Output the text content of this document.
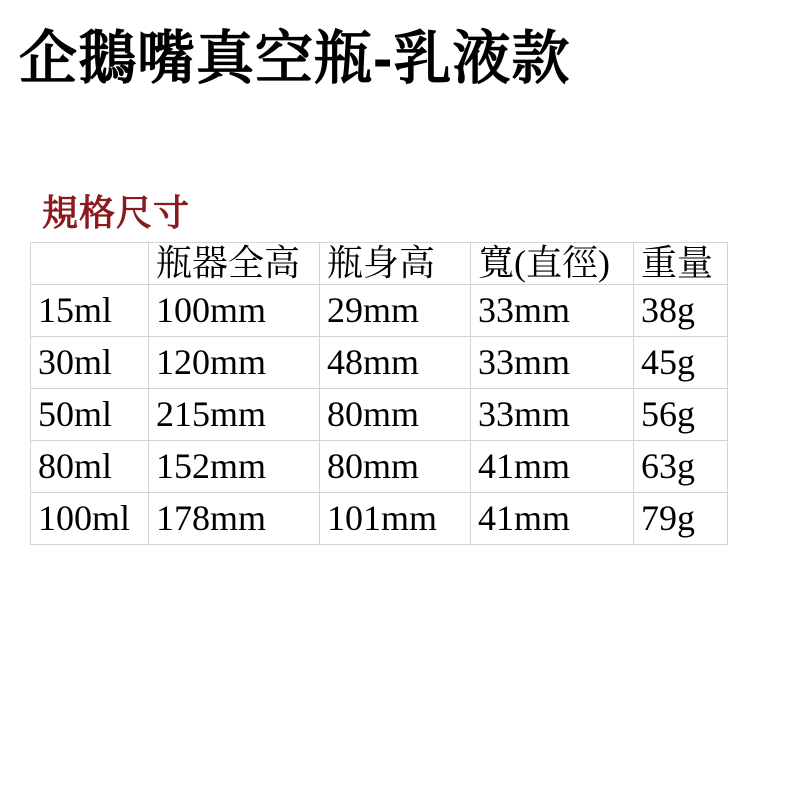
企鵝嘴真空瓶-乳液款
規格尺寸
	瓶器全高	瓶身高	寬(直徑)	重量
15ml	100mm	29mm	33mm	38g
30ml	120mm	48mm	33mm	45g
50ml	215mm	80mm	33mm	56g
80ml	152mm	80mm	41mm	63g
100ml	178mm	101mm	41mm	79g
